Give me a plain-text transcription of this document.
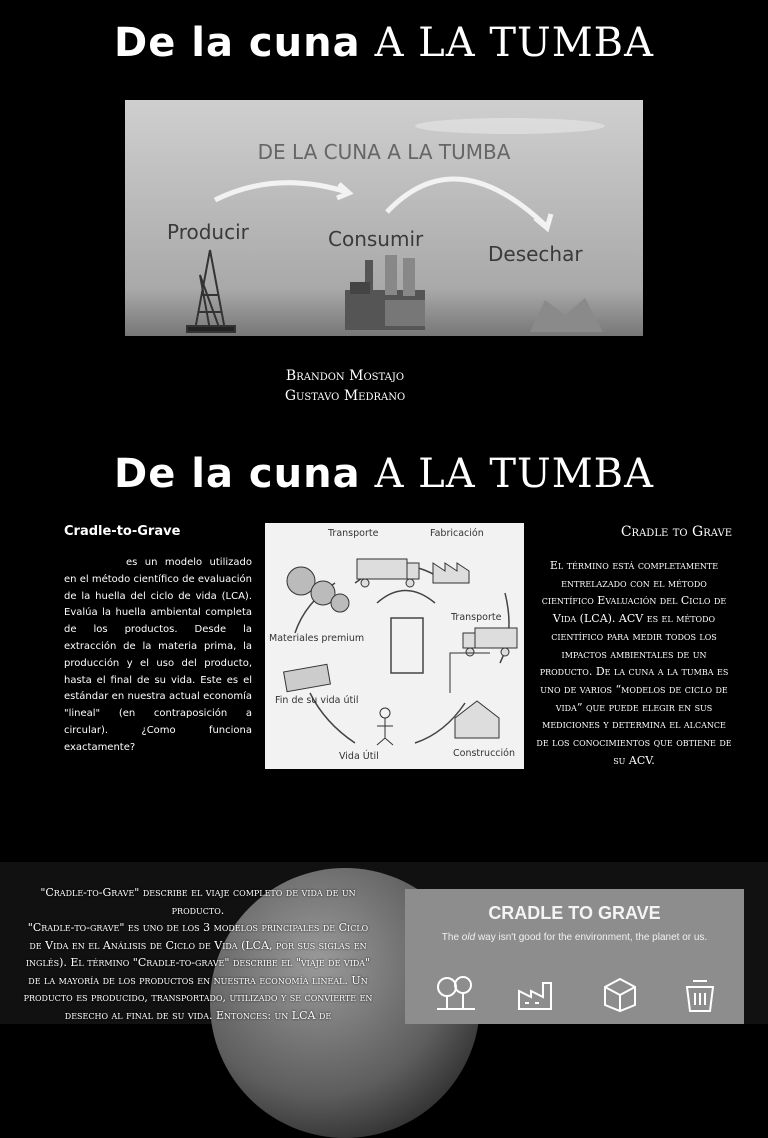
De la cuna A LA TUMBA
DE LA CUNA A LA TUMBA
Producir	Consumir
Desechar
Brandon Mostajo
Gustavo Medrano
De la cuna A LA TUMBA
Cradle-to-Grave

es un modelo utilizado en el método científico de evaluación de la huella del ciclo de vida (LCA). Evalúa la huella ambiental completa de los productos. Desde la extracción de la materia prima, la producción y el uso del producto, hasta el final de su vida. Este es el estándar en nuestra actual economía "lineal" (en contraposición a circular). ¿Como funciona exactamente?

Transporte	Fabricación
Transporte
Materiales premium
Fin de su vida útil
Vida Útil	Construcción
Cradle to Grave

El término está completamente entrelazado con el método científico Evaluación del Ciclo de Vida (LCA). ACV es el método científico para medir todos los impactos ambientales de un producto. De la cuna a la tumba es uno de varios “modelos de ciclo de vida” que puede elegir en sus mediciones y determina el alcance de los conocimientos que obtiene de su ACV.

"Cradle-to-Grave" describe el viaje completo de vida de un producto.

"Cradle-to-grave" es uno de los 3 modelos principales de Ciclo de Vida en el Análisis de Ciclo de Vida (LCA, por sus siglas en inglés). El término "Cradle-to-grave" describe el "viaje de vida" de la mayoría de los productos en nuestra economía lineal. Un producto es producido, transportado, utilizado y se convierte en desecho al final de su vida. Entonces: un LCA de

CRADLE TO GRAVE
The old way isn't good for the environment, the planet or us.
